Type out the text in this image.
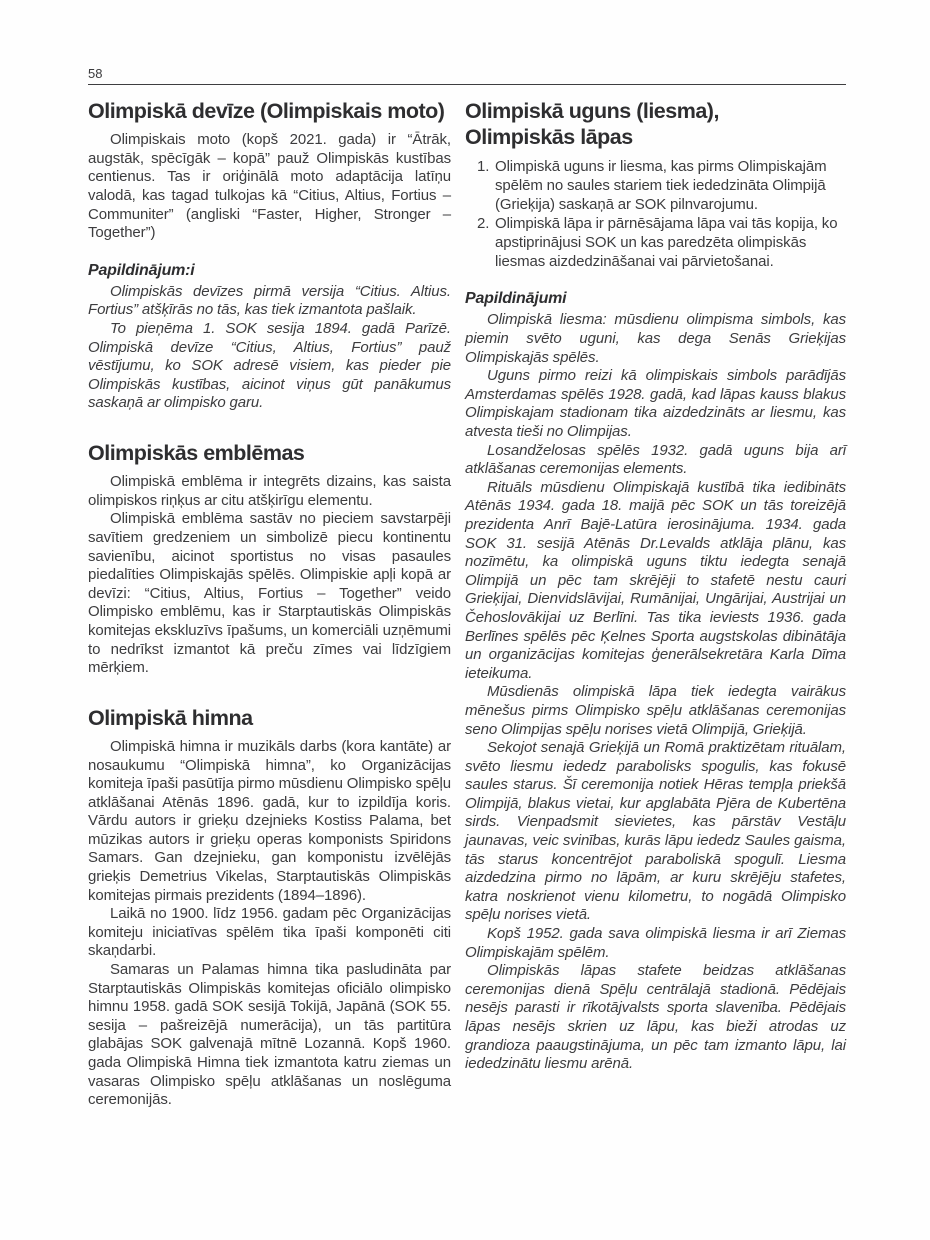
58
Olimpiskā devīze (Olimpiskais moto)

Olimpiskais moto (kopš 2021. gada) ir “Ātrāk, augstāk, spēcīgāk – kopā” pauž Olimpiskās kustības centienus. Tas ir oriģinālā moto adaptācija latīņu valodā, kas tagad tulkojas kā “Citius, Altius, Fortius – Communiter” (angliski “Faster, Higher, Stronger – Together”)

Papildinājum:i

Olimpiskās devīzes pirmā versija “Citius. Altius. Fortius” atšķīrās no tās, kas tiek izmantota pašlaik.

To pieņēma 1. SOK sesija 1894. gadā Parīzē. Olimpiskā devīze “Citius, Altius, Fortius” pauž vēstījumu, ko SOK adresē visiem, kas pieder pie Olimpiskās kustības, aicinot viņus gūt panākumus saskaņā ar olimpisko garu.

Olimpiskās emblēmas

Olimpiskā emblēma ir integrēts dizains, kas saista olimpiskos riņķus ar citu atšķirīgu elementu.

Olimpiskā emblēma sastāv no pieciem savstarpēji savītiem gredzeniem un simbolizē piecu kontinentu savienību, aicinot sportistus no visas pasaules piedalīties Olimpiskajās spēlēs. Olimpiskie apļi kopā ar devīzi: “Citius, Altius, Fortius – Together” veido Olimpisko emblēmu, kas ir Starptautiskās Olimpiskās komitejas ekskluzīvs īpašums, un komerciāli uzņēmumi to nedrīkst izmantot kā preču zīmes vai līdzīgiem mērķiem.

Olimpiskā himna

Olimpiskā himna ir muzikāls darbs (kora kantāte) ar nosaukumu “Olimpiskā himna”, ko Organizācijas komiteja īpaši pasūtīja pirmo mūsdienu Olimpisko spēļu atklāšanai Atēnās 1896. gadā, kur to izpildīja koris. Vārdu autors ir grieķu dzejnieks Kostiss Palama, bet mūzikas autors ir grieķu operas komponists Spiridons Samars. Gan dzejnieku, gan komponistu izvēlējās grieķis Demetrius Vikelas, Starptautiskās Olimpiskās komitejas pirmais prezidents (1894–1896).

Laikā no 1900. līdz 1956. gadam pēc Organizācijas komiteju iniciatīvas spēlēm tika īpaši komponēti citi skaņdarbi.

Samaras un Palamas himna tika pasludināta par Starptautiskās Olimpiskās komitejas oficiālo olimpisko himnu 1958. gadā SOK sesijā Tokijā, Japānā (SOK 55. sesija – pašreizējā numerācija), un tās partitūra glabājas SOK galvenajā mītnē Lozannā. Kopš 1960. gada Olimpiskā Himna tiek izmantota katru ziemas un vasaras Olimpisko spēļu atklāšanas un noslēguma ceremonijās.

Olimpiskā uguns (liesma),
Olimpiskās lāpas
1. Olimpiskā uguns ir liesma, kas pirms Olimpiskajām spēlēm no saules stariem tiek iededzināta Olimpijā (Grieķija) saskaņā ar SOK pilnvarojumu.
2. Olimpiskā lāpa ir pārnēsājama lāpa vai tās kopija, ko apstiprinājusi SOK un kas paredzēta olimpiskās liesmas aizdedzināšanai vai pārvietošanai.
Papildinājumi

Olimpiskā liesma: mūsdienu olimpisma simbols, kas piemin svēto uguni, kas dega Senās Grieķijas Olimpiskajās spēlēs.

Uguns pirmo reizi kā olimpiskais simbols parādījās Amsterdamas spēlēs 1928. gadā, kad lāpas kauss blakus Olimpiskajam stadionam tika aizdedzināts ar liesmu, kas atvesta tieši no Olimpijas.

Losandželosas spēlēs 1932. gadā uguns bija arī atklāšanas ceremonijas elements.

Rituāls mūsdienu Olimpiskajā kustībā tika iedibināts Atēnās 1934. gada 18. maijā pēc SOK un tās toreizējā prezidenta Anrī Bajē-Latūra ierosinājuma. 1934. gada SOK 31. sesijā Atēnās Dr.Levalds atklāja plānu, kas nozīmētu, ka olimpiskā uguns tiktu iedegta senajā Olimpijā un pēc tam skrējēji to stafetē nestu cauri Grieķijai, Dienvidslāvijai, Rumānijai, Ungārijai, Austrijai un Čehoslovākijai uz Berlīni. Tas tika ieviests 1936. gada Berlīnes spēlēs pēc Ķelnes Sporta augstskolas dibinātāja un organizācijas komitejas ģenerālsekretāra Karla Dīma ieteikuma.

Mūsdienās olimpiskā lāpa tiek iedegta vairākus mēnešus pirms Olimpisko spēļu atklāšanas ceremonijas seno Olimpijas spēļu norises vietā Olimpijā, Grieķijā.

Sekojot senajā Grieķijā un Romā praktizētam rituālam, svēto liesmu iededz parabolisks spogulis, kas fokusē saules starus. Šī ceremonija notiek Hēras tempļa priekšā Olimpijā, blakus vietai, kur apglabāta Pjēra de Kubertēna sirds. Vienpadsmit sievietes, kas pārstāv Vestāļu jaunavas, veic svinības, kurās lāpu iededz Saules gaisma, tās starus koncentrējot paraboliskā spogulī. Liesma aizdedzina pirmo no lāpām, ar kuru skrējēju stafetes, katra noskrienot vienu kilometru, to nogādā Olimpisko spēļu norises vietā.

Kopš 1952. gada sava olimpiskā liesma ir arī Ziemas Olimpiskajām spēlēm.

Olimpiskās lāpas stafete beidzas atklāšanas ceremonijas dienā Spēļu centrālajā stadionā. Pēdējais nesējs parasti ir rīkotājvalsts sporta slavenība. Pēdējais lāpas nesējs skrien uz lāpu, kas bieži atrodas uz grandioza paaugstinājuma, un pēc tam izmanto lāpu, lai iededzinātu liesmu arēnā.
